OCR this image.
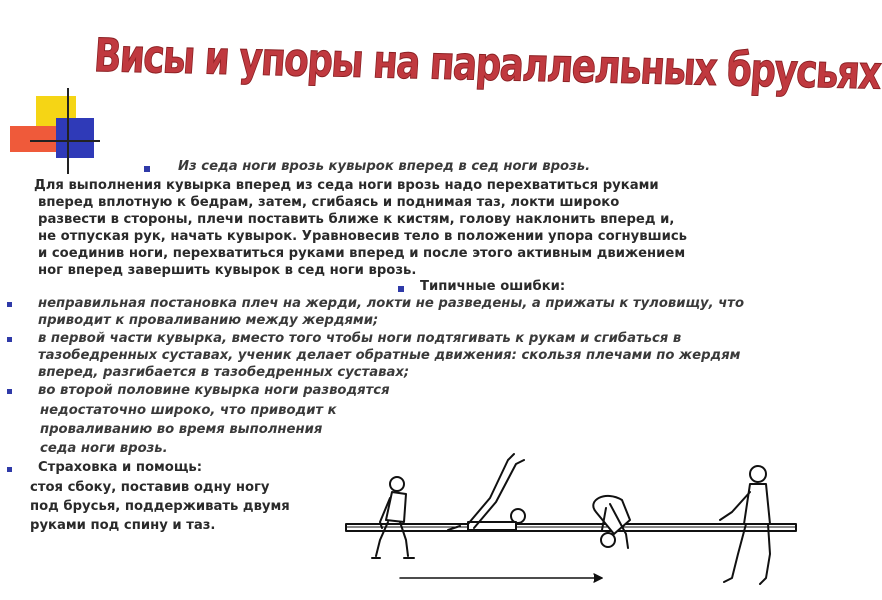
Висы и упоры на параллельных брусьях
Из седа ноги врозь кувырок вперед в сед ноги врозь.
Для выполнения кувырка вперед из седа ноги врозь надо перехватиться руками
вперед вплотную к бедрам, затем, сгибаясь и поднимая таз, локти широко
развести в стороны, плечи поставить ближе к кистям, голову наклонить вперед и,
не отпуская рук, начать кувырок. Уравновесив тело в положении упора согнувшись
и соединив ноги, перехватиться руками вперед и после этого активным движением
ног вперед завершить кувырок в сед ноги врозь.
Типичные ошибки:
неправильная постановка плеч на жерди, локти не разведены, а прижаты к туловищу, что
приводит к проваливанию между жердями;
в первой части кувырка, вместо того чтобы ноги подтягивать к рукам и сгибаться в
тазобедренных суставах, ученик делает обратные движения: скользя плечами по жердям
вперед, разгибается в тазобедренных суставах;
во второй половине кувырка ноги разводятся
недостаточно широко, что приводит к
проваливанию во время выполнения
седа ноги врозь.
Страховка и помощь:
стоя сбоку, поставив одну ногу
под брусья, поддерживать двумя
руками под спину и таз.
